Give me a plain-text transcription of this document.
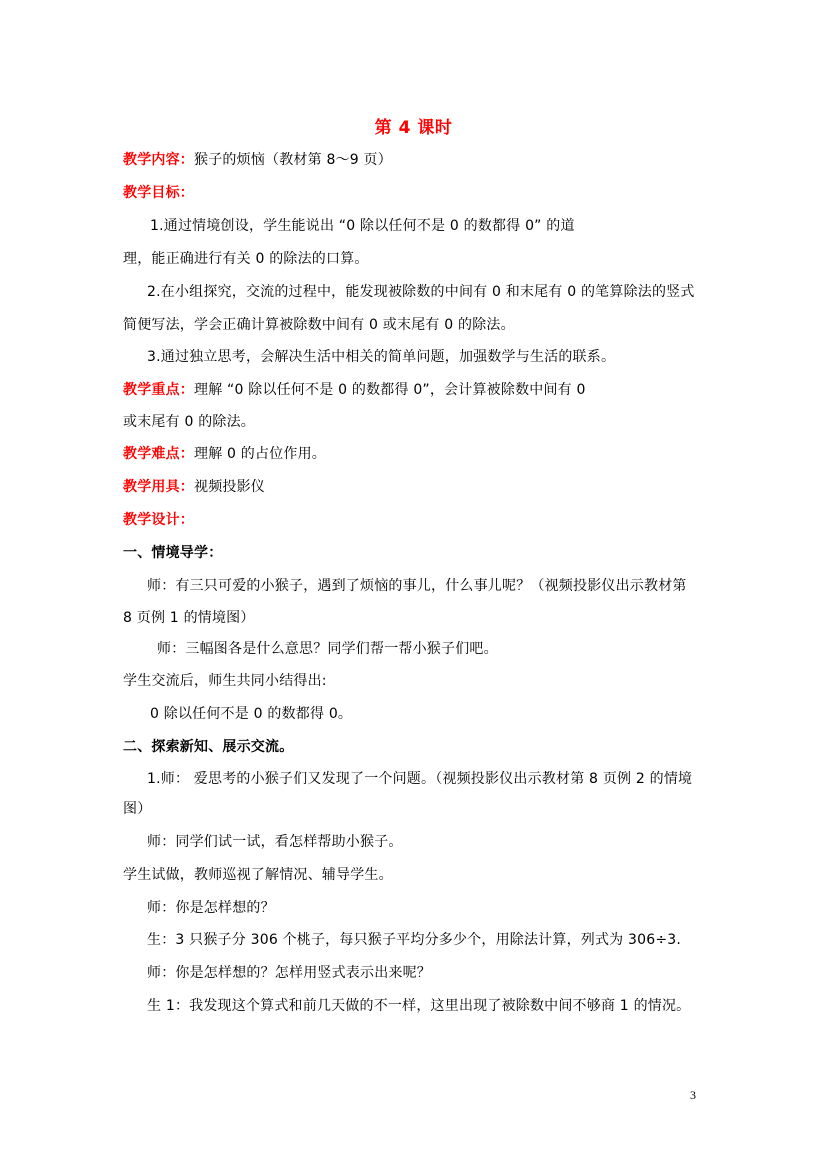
第 4 课时
教学内容：猴子的烦恼（教材第 8～9 页）
教学目标：
1.通过情境创设，学生能说出 “0 除以任何不是 0 的数都得 0” 的道
理，能正确进行有关 0 的除法的口算。
2.在小组探究，交流的过程中，能发现被除数的中间有 0 和末尾有 0 的笔算除法的竖式
简便写法，学会正确计算被除数中间有 0 或末尾有 0 的除法。
3.通过独立思考，会解决生活中相关的简单问题，加强数学与生活的联系。
教学重点：理解 “0 除以任何不是 0 的数都得 0”，会计算被除数中间有 0
或末尾有 0 的除法。
教学难点：理解 0 的占位作用。
教学用具：视频投影仪
教学设计：
一、情境导学：
师：有三只可爱的小猴子，遇到了烦恼的事儿，什么事儿呢？（视频投影仪出示教材第
8 页例 1 的情境图）
师：三幅图各是什么意思？同学们帮一帮小猴子们吧。
学生交流后，师生共同小结得出:
0 除以任何不是 0 的数都得 0。
二、探索新知、展示交流。
1.师： 爱思考的小猴子们又发现了一个问题。（视频投影仪出示教材第 8 页例 2 的情境
图）
师：同学们试一试，看怎样帮助小猴子。
学生试做，教师巡视了解情况、辅导学生。
师：你是怎样想的？
生：3 只猴子分 306 个桃子，每只猴子平均分多少个，用除法计算，列式为 306÷3.
师：你是怎样想的？怎样用竖式表示出来呢？
生 1：我发现这个算式和前几天做的不一样，这里出现了被除数中间不够商 1 的情况。
3
